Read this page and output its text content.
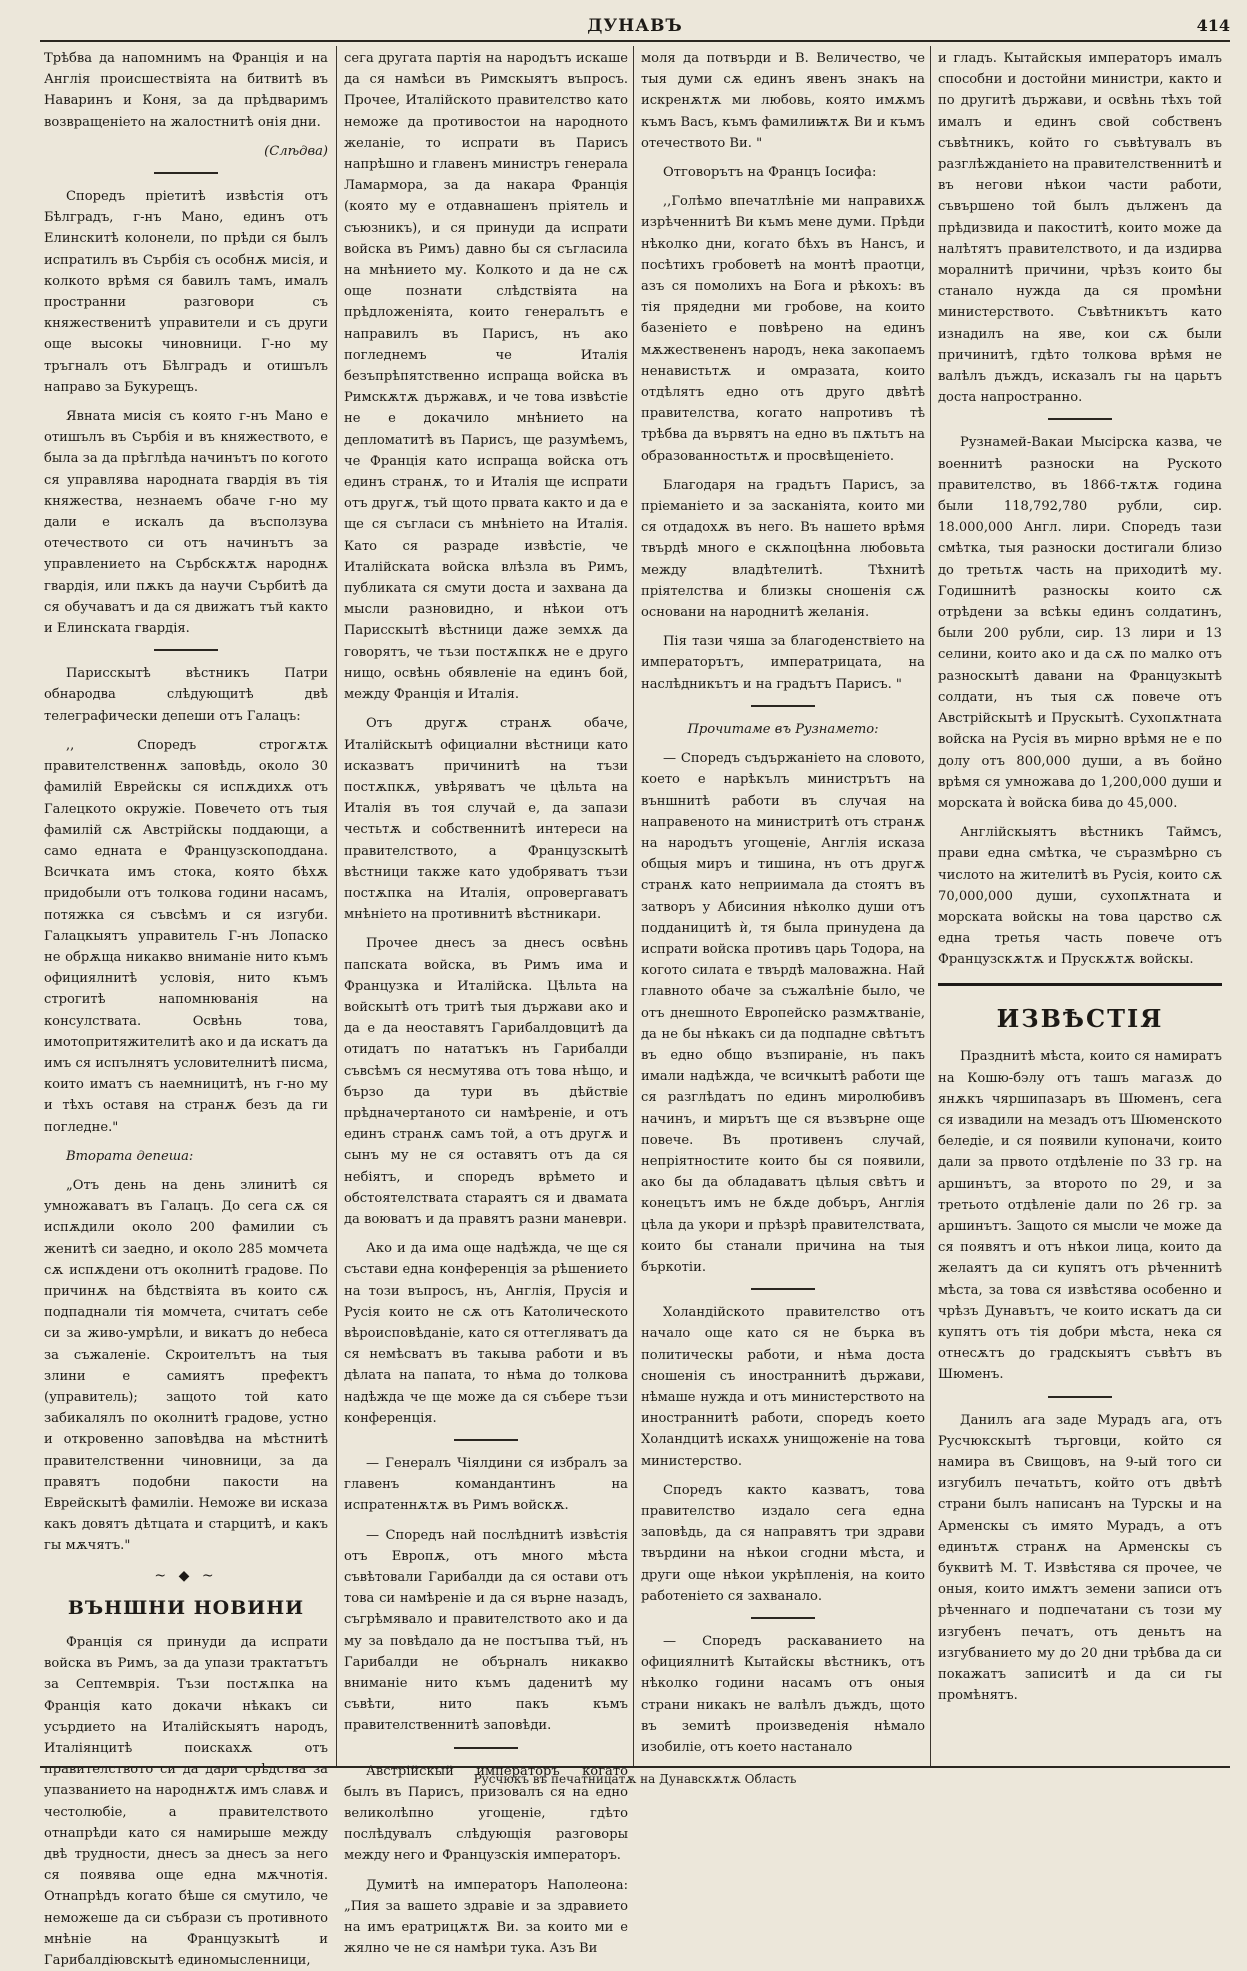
ДУНАВЪ	414

Трѣбва да напомнимъ на Франція и на Англія происшествіята на битвитѣ въ Наваринъ и Коня, за да прѣдваримъ возвращеніето на жалостнитѣ онія дни.

(Слѣдва)

Споредъ пріетитѣ извѣстія отъ Бѣлградъ, г-нъ Мано, единъ отъ Елинскитѣ колонели, по прѣди ся былъ испратилъ въ Сърбія съ особнѫ мисія, и колкото врѣмя ся бавилъ тамъ, ималъ пространни разговори съ княжественитѣ управители и съ други още высокы чиновници. Г-но му тръгналъ отъ Бѣлградъ и отишълъ направо за Букурещъ.

Явната мисія съ която г-нъ Мано е отишълъ въ Сърбія и въ княжеството, е была за да прѣглѣда начинътъ по когото ся управлява народната гвардія въ тія княжества, незнаемъ обаче г-но му дали е искалъ да въсползува отечеството си отъ начинътъ за управлението на Сърбскѫтѫ народнѫ гвардія, или пѫкъ да научи Сърбитѣ да ся обучаватъ и да ся движатъ тъй както и Елинската гвардія.

Парисскытѣ вѣстникъ Патри обнародва слѣдующитѣ двѣ телеграфически депеши отъ Галацъ:

,, Споредъ строгѫтѫ правителственнѫ заповѣдь, около 30 фамилій Еврейскы ся испѫдихѫ отъ Галецкото окружіе. Повечето отъ тыя фамилій сѫ Австрійскы поддающи, а само едната е Французскоподдана. Всичката имъ стока, която бѣхѫ придобыли отъ толкова години насамъ, потяжка ся съвсѣмъ и ся изгуби. Галацкыятъ управитель Г-нъ Лопаско не обрѫща никакво вниманіе нито къмъ официялнитѣ условія, нито къмъ строгитѣ напомнюванія на консулствата. Освѣнь това, имотопритяжителитѣ ако и да искатъ да имъ ся испълнятъ условителнитѣ писма, които иматъ съ наемницитѣ, нъ г-но му и тѣхъ оставя на странѫ безъ да ги погледне."

Втората депеша:

„Отъ день на день злинитѣ ся умножаватъ въ Галацъ. До сега сѫ ся испѫдили около 200 фамилии съ женитѣ си заедно, и около 285 момчета сѫ испѫдени отъ околнитѣ градове. По причинѫ на бѣдствіята въ които сѫ подпаднали тія момчета, считатъ себе си за живо-умрѣли, и викатъ до небеса за съжаленіе. Скроителътъ на тыя злини е самиятъ префектъ (управитель); защото той като забикалялъ по околнитѣ градове, устно и откровенно заповѣдва на мѣстнитѣ правителственни чиновници, за да правятъ подобни пакости на Еврейскытѣ фамиліи. Неможе ви исказа какъ довятъ дѣтцата и старцитѣ, и какъ гы мѫчятъ."

~ ◆ ~
ВЪНШНИ НОВИНИ

Франція ся принуди да испрати войска въ Римъ, за да упази трактатътъ за Септемврія. Тъзи постѫпка на Франція като докачи нѣкакъ си усърдието на Италійскыятъ народъ, Италіянцитѣ поискахѫ отъ правителството си да дари срѣдства за упазванието на народнѫтѫ имъ славѫ и честолюбіе, а правителството отнапрѣди като ся намирыше между двѣ трудности, днесъ за днесъ за него ся появява още една мѫчнотія. Отнапрѣдъ когато бѣше ся смутило, че неможеше да си събрази съ противното мнѣніе на Французкытѣ и Гарибалдіювскытѣ единомысленници,

сега другата партія на народътъ искаше да ся намѣси въ Римскыятъ въпросъ. Прочее, Италійското правителство като неможе да противостои на народното желаніе, то испрати въ Парисъ напрѣшно и главенъ министръ генерала Ламармора, за да накара Франція (която му е отдавнашенъ пріятель и съюзникъ), и ся принуди да испрати войска въ Римъ) давно бы ся съгласила на мнѣнието му. Колкото и да не сѫ още познати слѣдствіята на прѣдложеніята, които генералътъ е направилъ въ Парисъ, нъ ако погледнемъ че Италія безъпрѣпятственно испраща войска въ Римскѫтѫ държавѫ, и че това извѣстіе не е докачило мнѣнието на депломатитѣ въ Парисъ, ще разумѣемъ, че Франція като испраща войска отъ единъ странѫ, то и Италія ще испрати отъ другѫ, тъй щото првата както и да е ще ся съгласи съ мнѣніето на Италія. Като ся разраде извѣстіе, че Италійската войска влѣзла въ Римъ, публиката ся смути доста и захвана да мысли разновидно, и нѣкои отъ Парисскытѣ вѣстници даже земхѫ да говорятъ, че тъзи постѫпкѫ не е друго нищо, освѣнь обявленіе на единъ бой, между Франція и Италія.

Отъ другѫ странѫ обаче, Италійскытѣ официални вѣстници като исказватъ причинитѣ на тъзи постѫпкѫ, увѣряватъ че цѣльта на Италія въ тоя случай е, да запази честьтѫ и собственнитѣ интереси на правителството, а Французскытѣ вѣстници также като удобряватъ тъзи постѫпка на Италія, опровергаватъ мнѣніето на противнитѣ вѣстникари.

Прочее днесъ за днесъ освѣнь папската войска, въ Римъ има и Французка и Италійска. Цѣльта на войскытѣ отъ тритѣ тыя държави ако и да е да неоставятъ Гарибалдовцитѣ да отидатъ по нататъкъ нъ Гарибалди съвсѣмъ ся несмутява отъ това нѣщо, и бързо да тури въ дѣйствіе прѣдначертаното си намѣреніе, и отъ единъ странѫ самъ той, а отъ другѫ и сынъ му не ся оставятъ отъ да ся небіятъ, и споредъ врѣмето и обстоятелствата стараятъ ся и двамата да воюватъ и да правятъ разни маневри.

Ако и да има още надѣжда, че ще ся състави една конференція за рѣшението на този въпросъ, нъ, Англія, Прусія и Русія които не сѫ отъ Католическото вѣроисповѣданіе, като ся оттегляватъ да ся немѣсватъ въ такыва работи и въ дѣлата на папата, то нѣма до толкова надѣжда че ще може да ся събере тъзи конференція.

— Генералъ Чіялдини ся избралъ за главенъ командантинъ на испратеннѫтѫ въ Римъ войскѫ.

— Споредъ най послѣднитѣ извѣстія отъ Европѫ, отъ много мѣста съвѣтовали Гарибалди да ся остави отъ това си намѣреніе и да ся върне назадъ, съгрѣмявало и правителството ако и да му за повѣдало да не постъпва тъй, нъ Гарибалди не обърналъ никакво вниманіе нито къмъ даденитѣ му съвѣти, нито пакъ къмъ правителственнитѣ заповѣди.

Австрійскый императоръ когато былъ въ Парисъ, призовалъ ся на едно великолѣпно угощеніе, гдѣто послѣдувалъ слѣдующія разговоры между него и Французскія императоръ.

Думитѣ на императоръ Наполеона: „Пия за вашето здравіе и за здравието на имъ ератрицѫтѫ Ви. за които ми е жялно че не ся намѣри тука. Азъ Ви

моля да потвърди и В. Величество, че тыя думи сѫ единъ явенъ знакъ на искренѫтѫ ми любовь, която имѫмъ къмъ Васъ, къмъ фамилиѭтѫ Ви и къмъ отечеството Ви. "

Отговорътъ на Францъ Іосифа:

,,Голѣмо впечатлѣніе ми направихѫ изрѣченнитѣ Ви къмъ мене думи. Прѣди нѣколко дни, когато бѣхъ въ Нансъ, и посѣтихъ гробоветѣ на монтѣ праотци, азъ ся помолихъ на Бога и рѣкохъ: въ тія прядедни ми гробове, на които базеніето е повѣрено на единъ мѫжествененъ народъ, нека закопаемъ ненавистьтѫ и омразата, които отдѣлятъ едно отъ друго двѣтѣ правителства, когато напротивъ тѣ трѣбва да вървятъ на едно въ пѫтьтъ на образованностьтѫ и просвѣщеніето.

Благодаря на градътъ Парисъ, за пріеманіето и за засканіята, които ми ся отдадохѫ въ него. Въ нашето врѣмя твърдѣ много е скѫпоцѣнна любовьта между владѣтелитѣ. Тѣхнитѣ пріятелства и близкы сношенія сѫ основани на народнитѣ желанія.

Пія тази чяша за благоденствіето на императорътъ, императрицата, на наслѣдникътъ и на градътъ Парисъ. "

Прочитаме въ Рузнамето:

— Споредъ съдържаніето на словото, което е нарѣкълъ министрътъ на външнитѣ работи въ случая на направеното на министритѣ отъ странѫ на народътъ угощеніе, Англія исказа общыя миръ и тишина, нъ отъ другѫ странѫ като неприимала да стоятъ въ затворъ у Абисиния нѣколко души отъ подданицитѣ ѝ, тя была принудена да испрати войска противъ царь Тодора, на когото силата е твърдѣ маловажна. Най главното обаче за съжалѣніе было, че отъ днешното Европейско размѫтваніе, да не бы нѣкакъ си да подпадне свѣтътъ въ едно общо възпираніе, нъ пакъ имали надѣжда, че всичкытѣ работи ще ся разглѣдатъ по единъ миролюбивъ начинъ, и мирътъ ще ся възвърне още повече. Въ противенъ случай, непріятностите които бы ся появили, ако бы да обладаватъ цѣлыя свѣтъ и конецътъ имъ не бѫде добъръ, Англія цѣла да укори и прѣзрѣ правителствата, които бы станали причина на тыя бъркотіи.

Холандійското правителство отъ начало още като ся не бърка въ политическы работи, и нѣма доста сношенія съ иностраннитѣ държави, нѣмаше нужда и отъ министерството на иностраннитѣ работи, споредъ което Холандцитѣ искахѫ унищоженіе на това министерство.

Споредъ както казватъ, това правителство издало сега една заповѣдь, да ся направятъ три здрави твърдини на нѣкои сгодни мѣста, и други още нѣкои укрѣпленія, на които работеніето ся захванало.

— Споредъ раскаванието на официялнитѣ Кытайскы вѣстникъ, отъ нѣколко години насамъ отъ оныя страни никакъ не валѣлъ дъждъ, щото въ земитѣ произведенія нѣмало изобиліе, отъ което настанало

и гладъ. Кытайскыя императоръ ималъ способни и достойни министри, както и по другитѣ държави, и освѣнь тѣхъ той ималъ и единъ свой собственъ съвѣтникъ, който го съвѣтувалъ въ разглѣжданіето на правителственнитѣ и въ негови нѣкои части работи, съвършено той былъ дълженъ да прѣдизвида и пакоститѣ, които може да налѣтятъ правителството, и да издирва моралнитѣ причини, чрѣзъ които бы станало нужда да ся промѣни министерството. Съвѣтникътъ като изнадилъ на яве, кои сѫ были причинитѣ, гдѣто толкова врѣмя не валѣлъ дъждъ, исказалъ гы на царьтъ доста напространно.

Рузнамей-Вакаи Мысірска казва, че военнитѣ разноски на Руското правителство, въ 1866-тѫтѫ година были 118,792,780 рубли, сир. 18.000,000 Англ. лири. Споредъ тази смѣтка, тыя разноски достигали близо до третьтѫ часть на приходитѣ му. Годишнитѣ разноскы които сѫ отрѣдени за всѣкы единъ солдатинъ, были 200 рубли, сир. 13 лири и 13 селини, които ако и да сѫ по малко отъ разноскытѣ давани на Французкытѣ солдати, нъ тыя сѫ повече отъ Австрійскытѣ и Прускытѣ. Сухопѫтната войска на Русія въ мирно врѣмя не е по долу отъ 800,000 души, а въ бойно врѣмя ся умножава до 1,200,000 души и морската ѝ войска бива до 45,000.

Англійскыятъ вѣстникъ Таймсъ, прави една смѣтка, че съразмѣрно съ числото на жителитѣ въ Русія, които сѫ 70,000,000 души, сухопѫтната и морската войскы на това царство сѫ една третья часть повече отъ Французскѫтѫ и Прускѫтѫ войскы.

ИЗВѢСТІЯ

Празднитѣ мѣста, които ся намиратъ на Кошю-бэлу отъ ташъ магазѫ до янѫкъ чяршипазаръ въ Шюменъ, сега ся извадили на мезадъ отъ Шюменското беледіе, и ся появили купоначи, които дали за првото отдѣленіе по 33 гр. на аршинътъ, за второто по 29, и за третьото отдѣленіе дали по 26 гр. за аршинътъ. Защото ся мысли че може да ся появятъ и отъ нѣкои лица, които да желаятъ да си купятъ отъ рѣченнитѣ мѣста, за това ся извѣстява особенно и чрѣзъ Дунавътъ, че които искатъ да си купятъ отъ тія добри мѣста, нека ся отнесѫтъ до градскыятъ съвѣтъ въ Шюменъ.

Данилъ ага заде Мурадъ ага, отъ Русчюкскытѣ търговци, който ся намира въ Свищовъ, на 9-ый того си изгубилъ печатьтъ, който отъ двѣтѣ страни былъ написанъ на Турскы и на Арменскы съ имято Мурадъ, а отъ единътѫ странѫ на Арменскы съ буквитѣ М. Т. Извѣстява ся прочее, че оныя, които имѫтъ земени записи отъ рѣченнаго и подпечатани съ този му изгубенъ печатъ, отъ деньтъ на изгубванието му до 20 дни трѣбва да си покажатъ записитѣ и да си гы промѣнятъ.

Русчюкъ въ печатницатѫ на Дунавскѫтѫ Область
